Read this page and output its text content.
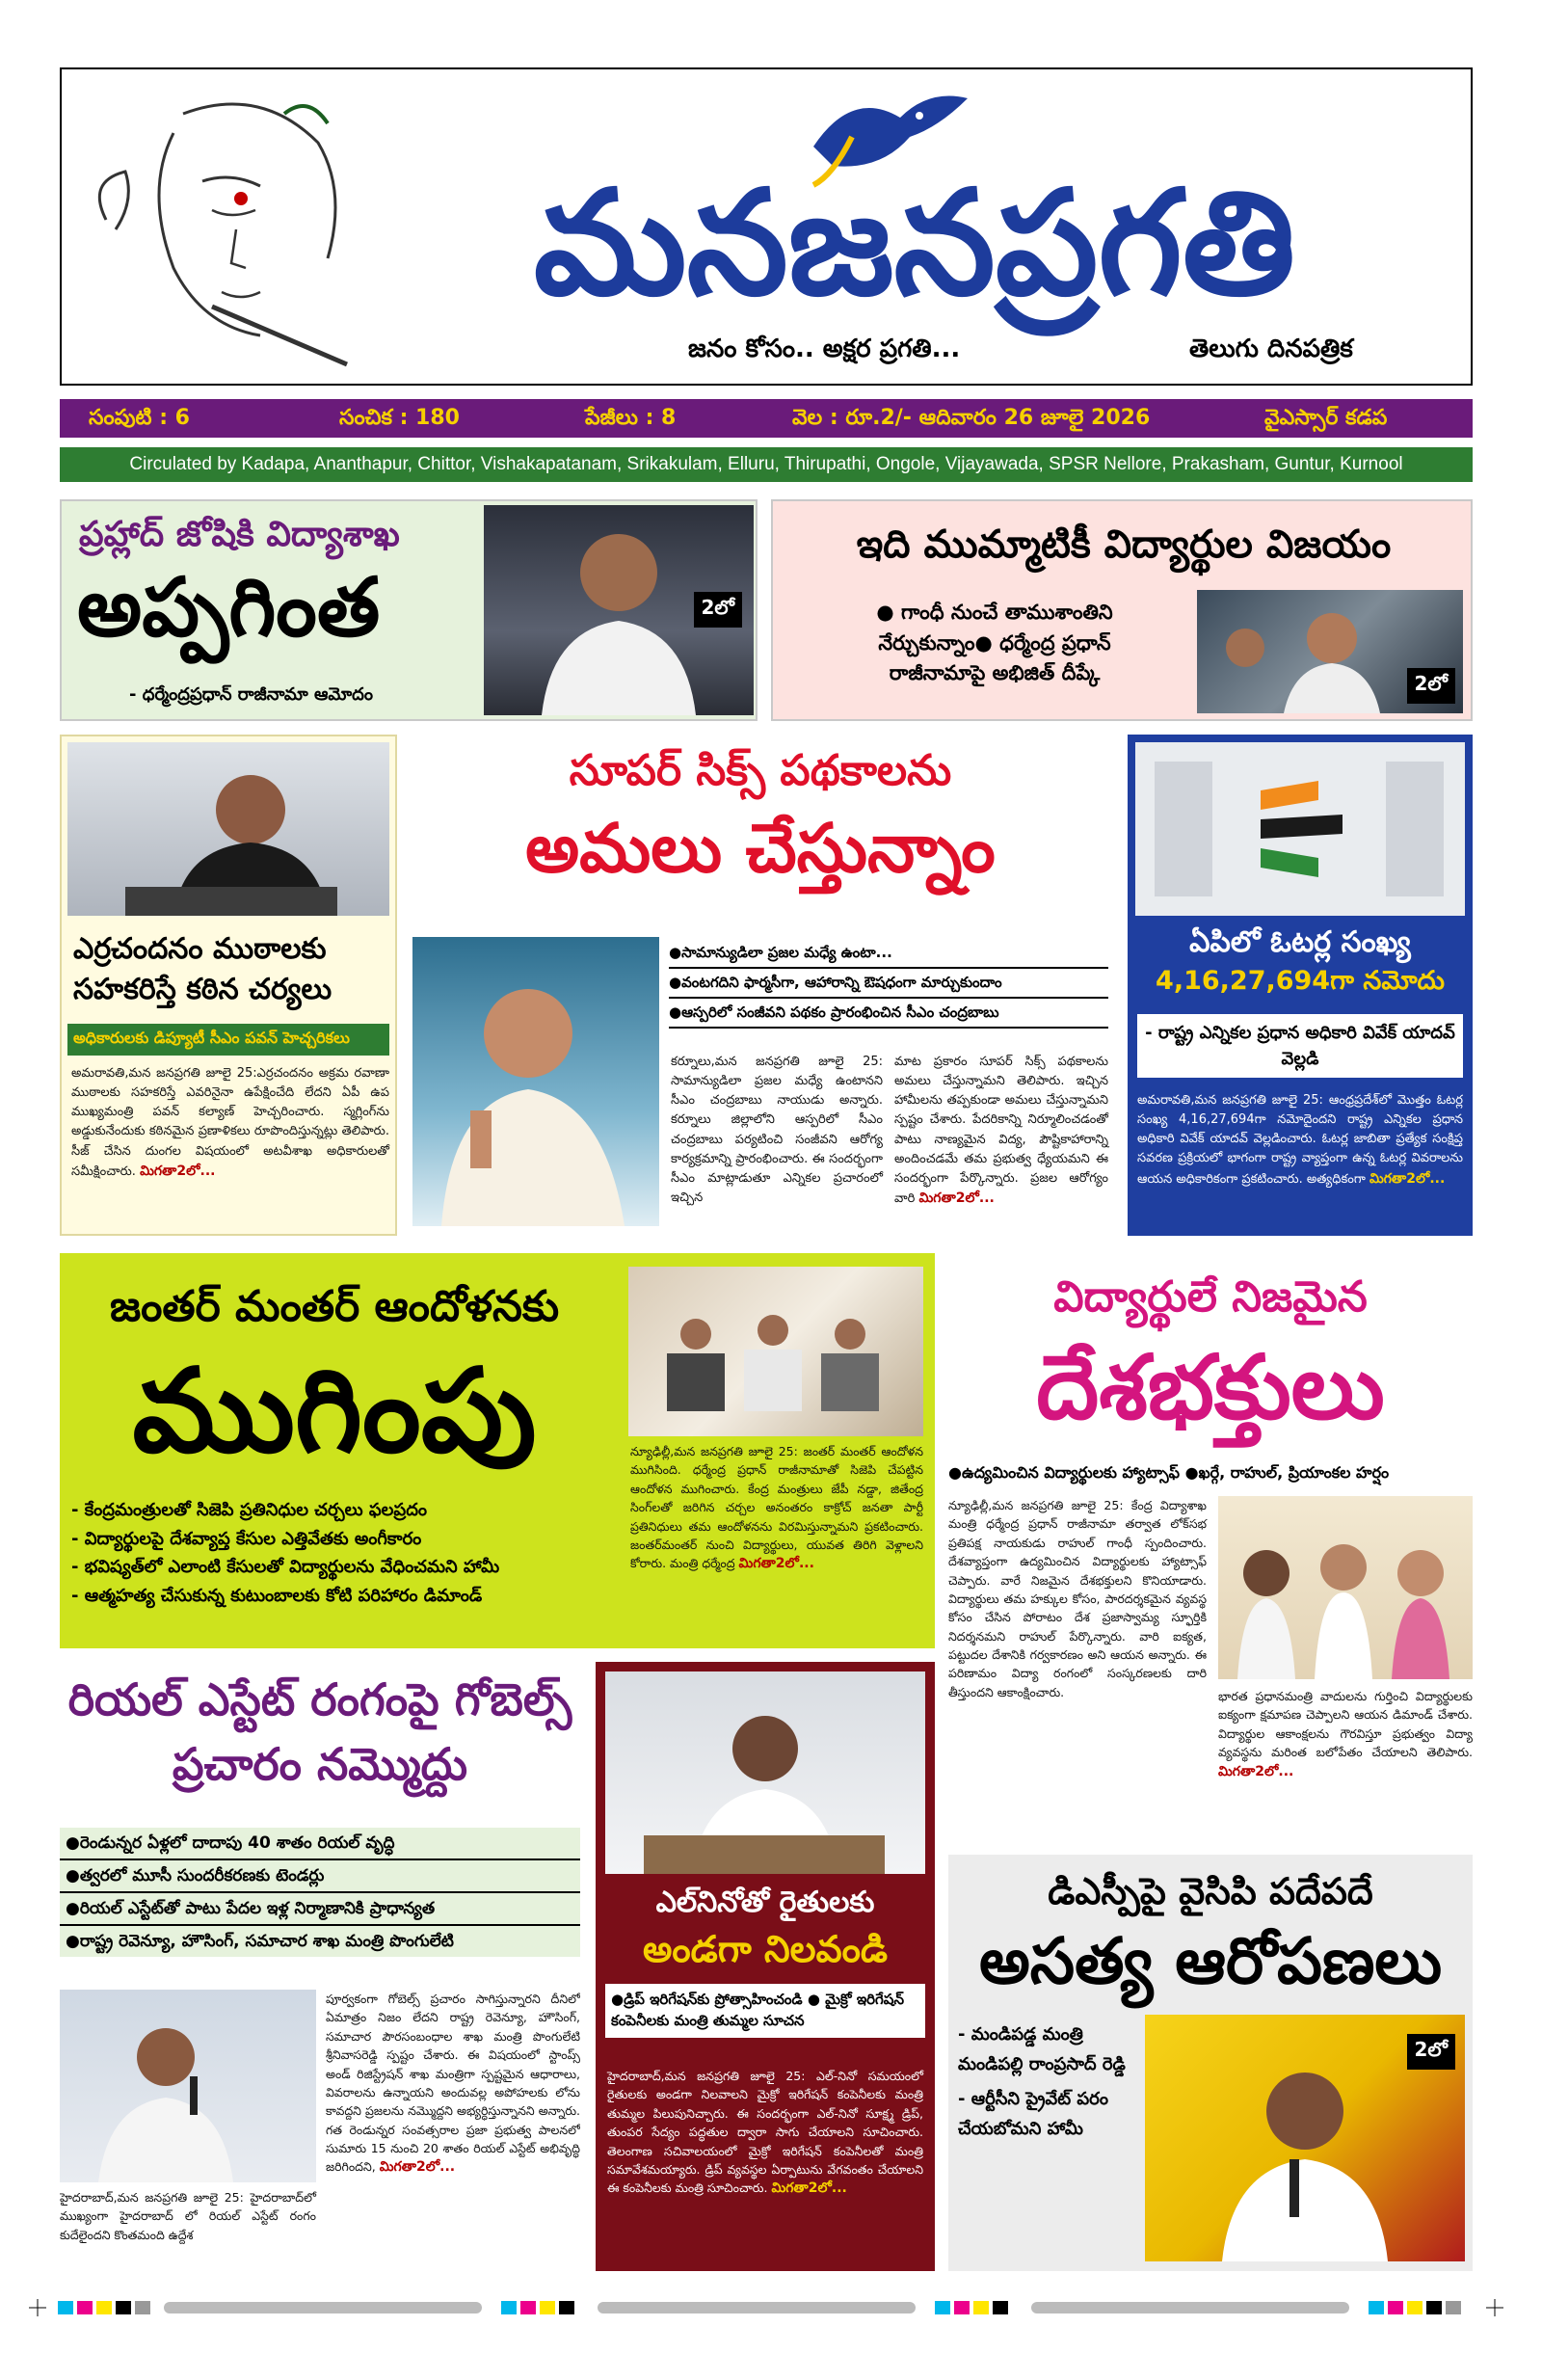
మనజనప్రగతి
జనం కోసం.. అక్షర ప్రగతి...	తెలుగు దినపత్రిక
సంపుటి : 6	సంచిక : 180	పేజీలు : 8	వెల : రూ.2/- ఆదివారం 26 జూలై 2026	వైఎస్సార్ కడప
Circulated by Kadapa, Ananthapur, Chittor, Vishakapatanam, Srikakulam, Elluru, Thirupathi, Ongole, Vijayawada, SPSR Nellore, Prakasham, Guntur, Kurnool
ప్రహ్లాద్ జోషికి విద్యాశాఖ
అప్పగింత
- ధర్మేంద్రప్రధాన్ రాజీనామా ఆమోదం
2లో
ఇది ముమ్మాటికీ విద్యార్థుల విజయం
● గాంధీ నుంచే తాముశాంతిని నేర్చుకున్నాం● ధర్మేంద్ర ప్రధాన్ రాజీనామాపై అభిజిత్ దీప్కే	2లో
ఎర్రచందనం ముఠాలకు సహకరిస్తే కఠిన చర్యలు
అధికారులకు డిప్యూటీ సీఎం పవన్ హెచ్చరికలు
అమరావతి,మన జనప్రగతి జూలై 25:ఎర్రచందనం అక్రమ రవాణా ముఠాలకు సహకరిస్తే ఎవరినైనా ఉపేక్షించేది లేదని ఏపీ ఉప ముఖ్యమంత్రి పవన్ కల్యాణ్ హెచ్చరించారు. స్మగ్లింగ్‌ను అడ్డుకునేందుకు కఠినమైన ప్రణాళికలు రూపొందిస్తున్నట్లు తెలిపారు. సీజ్ చేసిన దుంగల విషయంలో అటవీశాఖ అధికారులతో సమీక్షించారు. మిగతా2లో...
సూపర్ సిక్స్ పథకాలను
అమలు చేస్తున్నాం
●సామాన్యుడిలా ప్రజల మధ్యే ఉంటా...
●వంటగదిని ఫార్మసీగా, ఆహారాన్ని ఔషధంగా మార్చుకుందాం
●ఆస్పరిలో సంజీవని పథకం ప్రారంభించిన సీఎం చంద్రబాబు
కర్నూలు,మన జనప్రగతి జూలై 25: సామాన్యుడిలా ప్రజల మధ్యే ఉంటానని సీఎం చంద్రబాబు నాయుడు అన్నారు. కర్నూలు జిల్లాలోని ఆస్పరిలో సీఎం చంద్రబాబు పర్యటించి సంజీవని ఆరోగ్య కార్యక్రమాన్ని ప్రారంభించారు. ఈ సందర్భంగా సీఎం మాట్లాడుతూ ఎన్నికల ప్రచారంలో ఇచ్చిన
మాట ప్రకారం సూపర్ సిక్స్ పథకాలను అమలు చేస్తున్నామని తెలిపారు. ఇచ్చిన హామీలను తప్పకుండా అమలు చేస్తున్నామని స్పష్టం చేశారు. పేదరికాన్ని నిర్మూలించడంతో పాటు నాణ్యమైన విద్య, పౌష్టికాహారాన్ని అందించడమే తమ ప్రభుత్వ ధ్యేయమని ఈ సందర్భంగా పేర్కొన్నారు. ప్రజల ఆరోగ్యం వారి మిగతా2లో...
ఏపిలో ఓటర్ల సంఖ్య
4,16,27,694గా నమోదు
- రాష్ట్ర ఎన్నికల ప్రధాన అధికారి వివేక్ యాదవ్ వెల్లడి
అమరావతి,మన జనప్రగతి జూలై 25: ఆంధ్రప్రదేశ్‌లో మొత్తం ఓటర్ల సంఖ్య 4,16,27,694గా నమోదైందని రాష్ట్ర ఎన్నికల ప్రధాన అధికారి వివేక్ యాదవ్ వెల్లడించారు. ఓటర్ల జాబితా ప్రత్యేక సంక్షిప్త సవరణ ప్రక్రియలో భాగంగా రాష్ట్ర వ్యాప్తంగా ఉన్న ఓటర్ల వివరాలను ఆయన అధికారికంగా ప్రకటించారు. అత్యధికంగా మిగతా2లో...
జంతర్ మంతర్ ఆందోళనకు
ముగింపు
- కేంద్రమంత్రులతో సిజెపి ప్రతినిధుల చర్చలు ఫలప్రదం
- విద్యార్థులపై దేశవ్యాప్త కేసుల ఎత్తివేతకు అంగీకారం
- భవిష్యత్‌లో ఎలాంటి కేసులతో విద్యార్థులను వేధించమని హామీ
- ఆత్మహత్య చేసుకున్న కుటుంబాలకు కోటి పరిహారం డిమాండ్
న్యూఢిల్లీ,మన జనప్రగతి జూలై 25: జంతర్ మంతర్ ఆందోళన ముగిసింది. ధర్మేంద్ర ప్రధాన్ రాజీనామాతో సిజెపి చేపట్టిన ఆందోళన ముగించారు. కేంద్ర మంత్రులు జేపీ నడ్డా, జితేంద్ర సింగ్‌లతో జరిగిన చర్చల అనంతరం కాక్రోచ్ జనతా పార్టీ ప్రతినిధులు తమ ఆందోళనను విరమిస్తున్నామని ప్రకటించారు. జంతర్‌మంతర్ నుంచి విద్యార్థులు, యువత తిరిగి వెళ్లాలని కోరారు. మంత్రి ధర్మేంద్ర మిగతా2లో...
విద్యార్థులే నిజమైన
దేశభక్తులు
●ఉద్యమించిన విద్యార్థులకు హ్యాట్సాఫ్ ●ఖర్గే, రాహుల్, ప్రియాంకల హర్షం
న్యూఢిల్లీ,మన జనప్రగతి జూలై 25: కేంద్ర విద్యాశాఖ మంత్రి ధర్మేంద్ర ప్రధాన్ రాజీనామా తర్వాత లోక్‌సభ ప్రతిపక్ష నాయకుడు రాహుల్ గాంధీ స్పందించారు. దేశవ్యాప్తంగా ఉద్యమించిన విద్యార్థులకు హ్యాట్సాఫ్ చెప్పారు. వారే నిజమైన దేశభక్తులని కొనియాడారు. విద్యార్థులు తమ హక్కుల కోసం, పారదర్శకమైన వ్యవస్థ కోసం చేసిన పోరాటం దేశ ప్రజాస్వామ్య స్ఫూర్తికి నిదర్శనమని రాహుల్ పేర్కొన్నారు. వారి ఐక్యత, పట్టుదల దేశానికి గర్వకారణం అని ఆయన అన్నారు. ఈ పరిణామం విద్యా రంగంలో సంస్కరణలకు దారి తీస్తుందని ఆకాంక్షించారు.	భారత ప్రధానమంత్రి వాదులను గుర్తించి విద్యార్థులకు ఐక్యంగా క్షమాపణ చెప్పాలని ఆయన డిమాండ్ చేశారు. విద్యార్థుల ఆకాంక్షలను గౌరవిస్తూ ప్రభుత్వం విద్యా వ్యవస్థను మరింత బలోపేతం చేయాలని తెలిపారు. మిగతా2లో...
రియల్ ఎస్టేట్ రంగంపై గోబెల్స్ ప్రచారం నమ్మొద్దు
●రెండున్నర ఏళ్లలో దాదాపు 40 శాతం రియల్ వృద్ధి
●త్వరలో మూసీ సుందరీకరణకు టెండర్లు
●రియల్ ఎస్టేట్‌తో పాటు పేదల ఇళ్ల నిర్మాణానికి ప్రాధాన్యత
●రాష్ట్ర రెవెన్యూ, హౌసింగ్, సమాచార శాఖ మంత్రి పొంగులేటి
హైదరాబాద్,మన జనప్రగతి జూలై 25: హైదరాబాద్‌లో ముఖ్యంగా హైదరాబాద్ లో రియల్ ఎస్టేట్ రంగం కుదేలైందని కొంతమంది ఉద్దేశ
పూర్వకంగా గోబెల్స్ ప్రచారం సాగిస్తున్నారని దీనిలో ఏమాత్రం నిజం లేదని రాష్ట్ర రెవెన్యూ, హౌసింగ్, సమాచార పౌరసంబంధాల శాఖ మంత్రి పొంగులేటి శ్రీనివాసరెడ్డి స్పష్టం చేశారు. ఈ విషయంలో స్టాంప్స్ అండ్ రిజిస్ట్రేషన్ శాఖ మంత్రిగా స్పష్టమైన ఆధారాలు, వివరాలను ఉన్నాయని అందువల్ల అపోహలకు లోను కావద్దని ప్రజలను నమ్మొద్దని అభ్యర్ధిస్తున్నానని అన్నారు. గత రెండున్నర సంవత్సరాల ప్రజా ప్రభుత్వ పాలనలో సుమారు 15 నుంచి 20 శాతం రియల్ ఎస్టేట్ అభివృద్ధి జరిగిందని, మిగతా2లో...
ఎల్‌నినోతో రైతులకు
అండగా నిలవండి
●డ్రిప్ ఇరిగేషన్‌కు ప్రోత్సాహించండి ● మైక్రో ఇరిగేషన్ కంపెనీలకు మంత్రి తుమ్మల సూచన
హైదరాబాద్,మన జనప్రగతి జూలై 25: ఎల్-నినో సమయంలో రైతులకు అండగా నిలవాలని మైక్రో ఇరిగేషన్ కంపెనీలకు మంత్రి తుమ్మల పిలుపునిచ్చారు. ఈ సందర్భంగా ఎల్-నినో సూక్ష్మ డ్రిప్, తుంపర సేద్యం పద్ధతుల ద్వారా సాగు చేయాలని సూచించారు. తెలంగాణ సచివాలయంలో మైక్రో ఇరిగేషన్ కంపెనీలతో మంత్రి సమావేశమయ్యారు. డ్రిప్ వ్యవస్థల ఏర్పాటును వేగవంతం చేయాలని ఈ కంపెనీలకు మంత్రి సూచించారు. మిగతా2లో...
డిఎస్పీపై వైసిపి పదేపదే
అసత్య ఆరోపణలు
- మండిపడ్డ మంత్రి మండిపల్లి రాంప్రసాద్ రెడ్డి
- ఆర్టీసీని ప్రైవేట్ పరం చేయబోమని హామీ
2లో
